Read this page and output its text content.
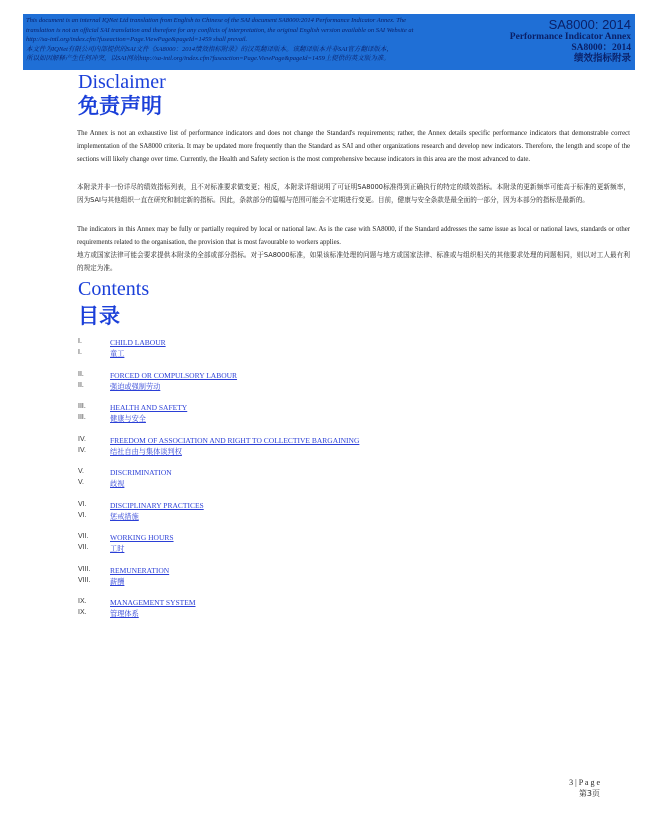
This document is an internal IQNet Ltd translation from English to Chinese of the SAI document SA8000:2014 Performance Indicator Annex. The
translation is not an official SAI translation and therefore for any conflicts of interpretation, the original English version available on SAI Website at
http://sa-intl.org/index.cfm?fuseaction=Page.ViewPage&pageId=1459 shall prevail.
本文件为IQNet有限公司内部提供的SAI文件《SA8000：2014绩效指标附录》的汉英翻译版本。该翻译版本并非SAI官方翻译版本，
所以如因解释产生任何冲突，以SAI网站http://sa-intl.org/index.cfm?fuseaction=Page.ViewPage&pageId=1459上提供的英文版为准。
SA8000: 2014
Performance Indicator Annex
SA8000：2014
绩效指标附录
Disclaimer
免责声明

The Annex is not an exhaustive list of performance indicators and does not change the Standard's requirements; rather, the Annex details specific performance indicators that demonstrable correct implementation of the SA8000 criteria. It may be updated more frequently than the Standard as SAI and other organizations research and develop new indicators. Therefore, the length and scope of the sections will likely change over time. Currently, the Health and Safety section is the most comprehensive because indicators in this area are the most advanced to date.

本附录并非一份详尽的绩效指标列表，且不对标准要求做变更；相反，本附录详细说明了可证明SA8000标准得到正确执行的特定的绩效指标。本附录的更新频率可能高于标准的更新频率，因为SAI与其他组织一直在研究和制定新的指标。因此，条款部分的篇幅与范围可能会不定期进行变更。目前，健康与安全条款是最全面的一部分，因为本部分的指标是最新的。

The indicators in this Annex may be fully or partially required by local or national law. As is the case with SA8000, if the Standard addresses the same issue as local or national laws, standards or other requirements related to the organisation, the provision that is most favourable to workers applies.

地方或国家法律可能会要求提供本附录的全部或部分指标。对于SA8000标准，如果该标准处理的问题与地方或国家法律、标准或与组织相关的其他要求处理的问题相同，则以对工人最有利的规定为准。

Contents
目录
I.
I.
CHILD LABOUR
童工
II.
II.
FORCED OR COMPULSORY LABOUR
强迫或强制劳动
III.
III.
HEALTH AND SAFETY
健康与安全
IV.
IV.
FREEDOM OF ASSOCIATION AND RIGHT TO COLLECTIVE BARGAINING
结社自由与集体谈判权
V.
V.
DISCRIMINATION
歧视
VI.
VI.
DISCIPLINARY PRACTICES
惩戒措施
VII.
VII.
WORKING HOURS
工时
VIII.
VIII.
REMUNERATION
薪酬
IX.
IX.
MANAGEMENT SYSTEM
管理体系
3 | P a g e
第3页
